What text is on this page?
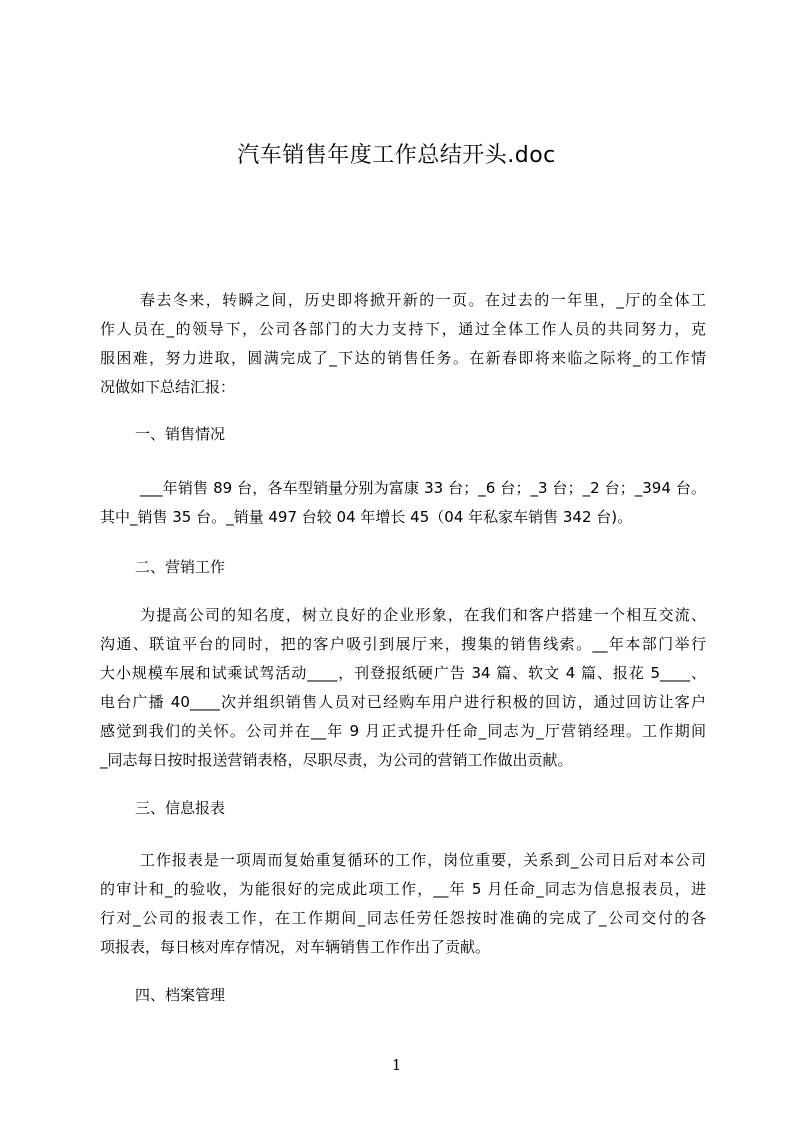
汽车销售年度工作总结开头.doc
春去冬来，转瞬之间，历史即将掀开新的一页。在过去的一年里，_厅的全体工
作人员在_的领导下，公司各部门的大力支持下，通过全体工作人员的共同努力，克
服困难，努力进取，圆满完成了_下达的销售任务。在新春即将来临之际将_的工作情
况做如下总结汇报：
一、销售情况
___年销售 89 台，各车型销量分别为富康 33 台；_6 台；_3 台；_2 台；_394 台。
其中_销售 35 台。_销量 497 台较 04 年增长 45（04 年私家车销售 342 台)。
二、营销工作
为提高公司的知名度，树立良好的企业形象，在我们和客户搭建一个相互交流、
沟通、联谊平台的同时，把的客户吸引到展厅来，搜集的销售线索。__年本部门举行
大小规模车展和试乘试驾活动____，刊登报纸硬广告 34 篇、软文 4 篇、报花 5____、
电台广播 40____次并组织销售人员对已经购车用户进行积极的回访，通过回访让客户
感觉到我们的关怀。公司并在__年 9 月正式提升任命_同志为_厅营销经理。工作期间
_同志每日按时报送营销表格，尽职尽责，为公司的营销工作做出贡献。
三、信息报表
工作报表是一项周而复始重复循环的工作，岗位重要，关系到_公司日后对本公司
的审计和_的验收，为能很好的完成此项工作，__年 5 月任命_同志为信息报表员，进
行对_公司的报表工作，在工作期间_同志任劳任怨按时准确的完成了_公司交付的各
项报表，每日核对库存情况，对车辆销售工作作出了贡献。
四、档案管理
1
